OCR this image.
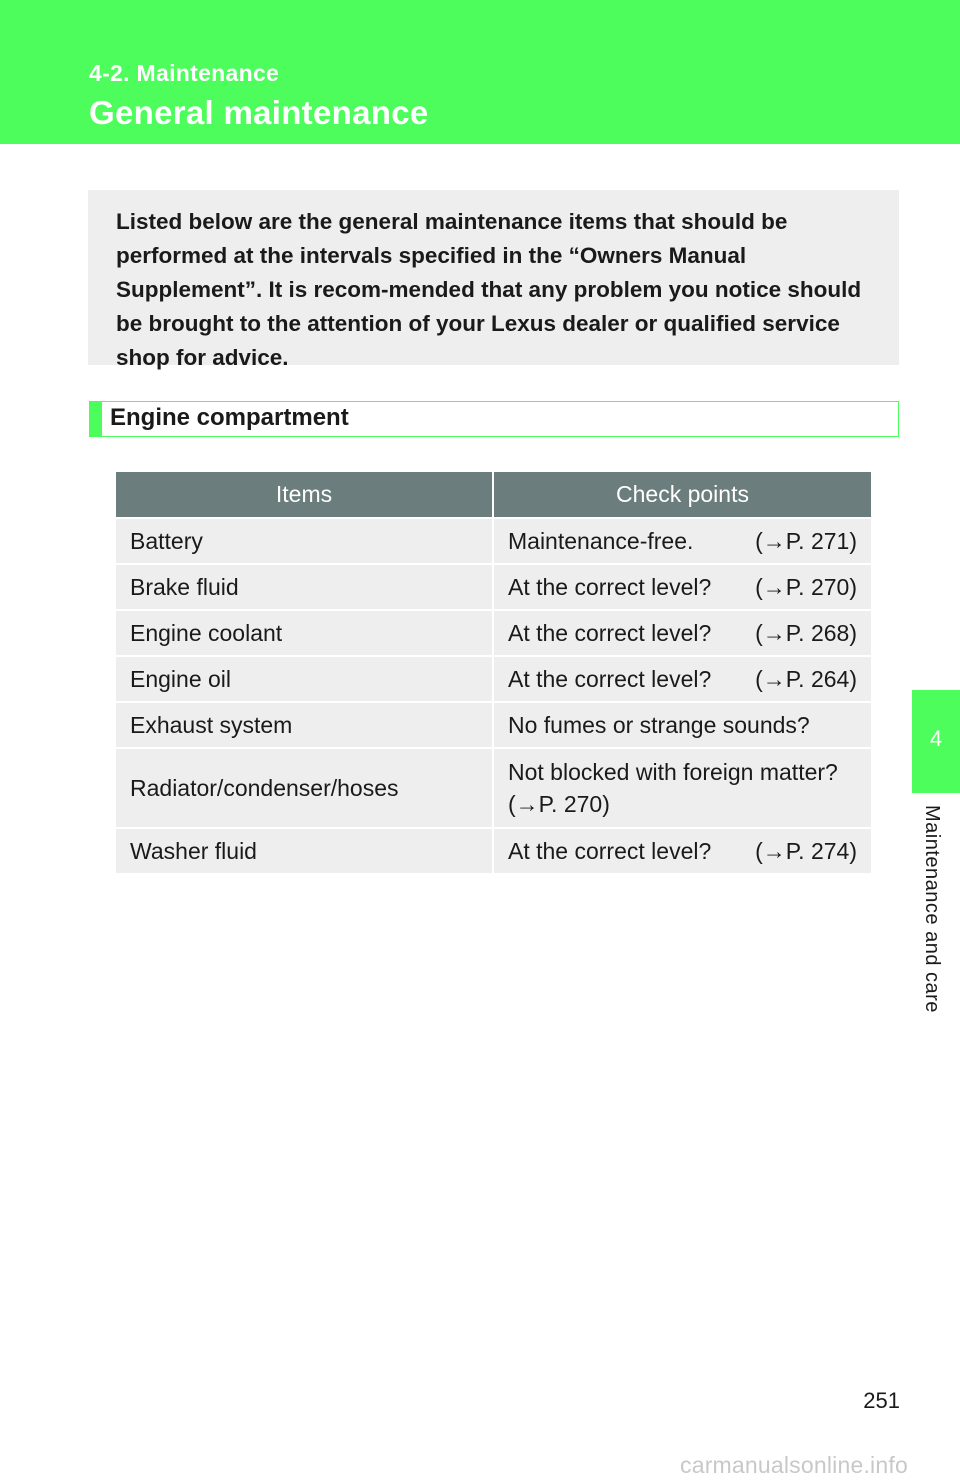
4-2. Maintenance
General maintenance

Listed below are the general maintenance items that should be performed at the intervals specified in the “Owners Manual Supplement”. It is recom-mended that any problem you notice should be brought to the attention of your Lexus dealer or qualified service shop for advice.

Engine compartment
Items	Check points
Battery	Maintenance-free. (→P. 271)

Brake fluid	At the correct level? (→P. 270)

Engine coolant	At the correct level? (→P. 268)

Engine oil	At the correct level? (→P. 264)

Exhaust system	No fumes or strange sounds?
Radiator/condenser/hoses	Not blocked with foreign matter?
(→P. 270)

Washer fluid	At the correct level? (→P. 274)
4
Maintenance and care
251
carmanualsonline.info
